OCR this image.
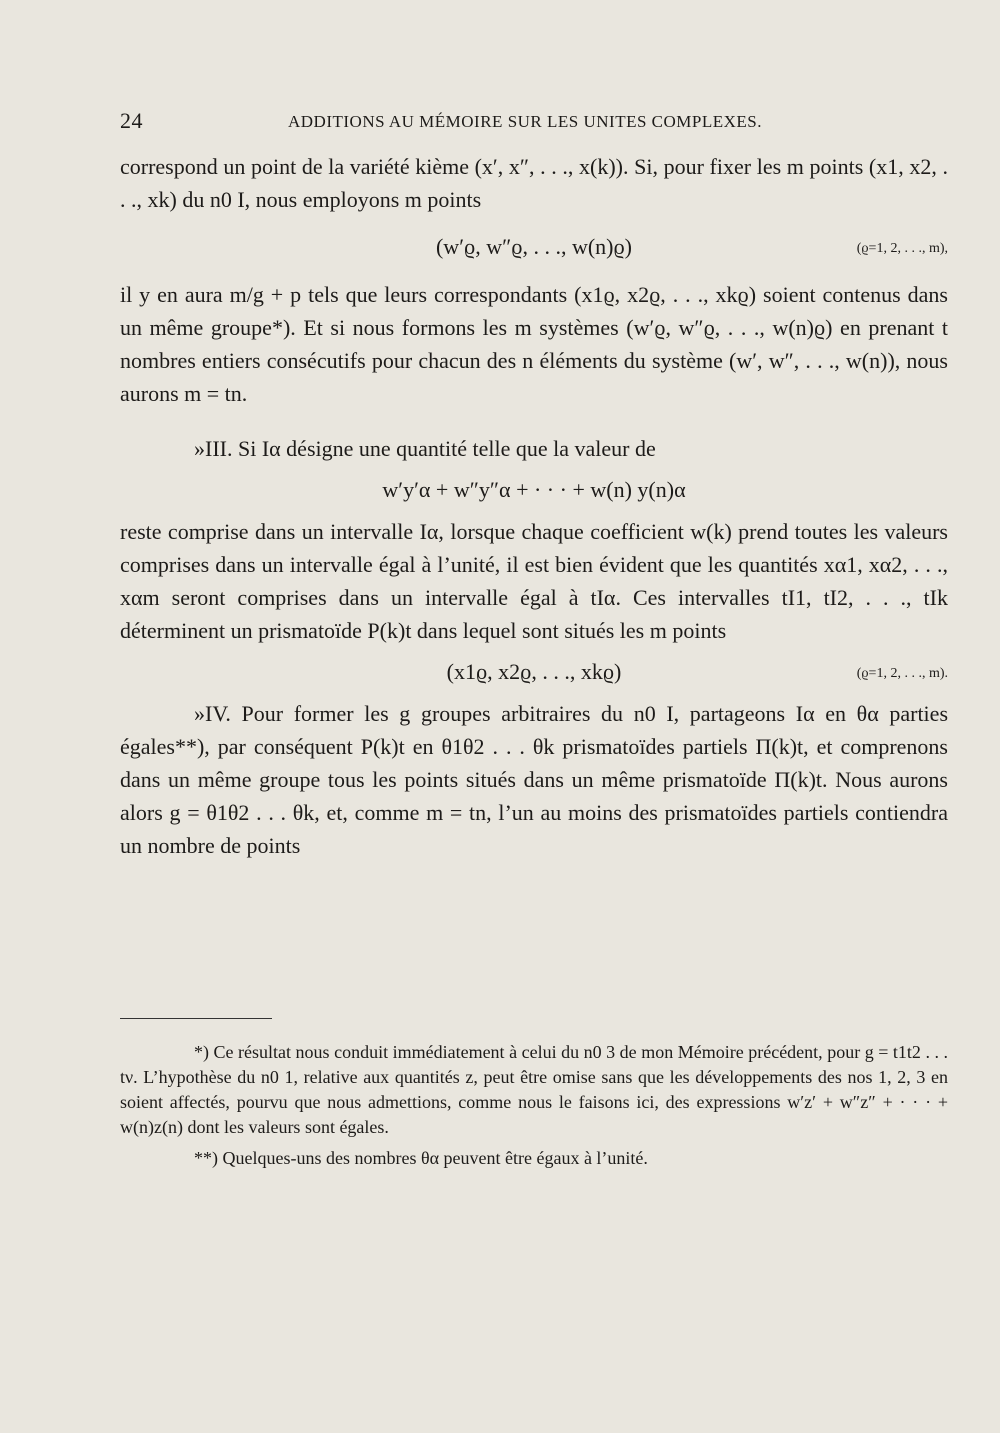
24	ADDITIONS AU MÉMOIRE SUR LES UNITES COMPLEXES.

correspond un point de la variété kième (x′, x″, . . ., x(k)). Si, pour fixer les m points (x1, x2, . . ., xk) du n0 I, nous employons m points

(w′ϱ, w″ϱ, . . ., w(n)ϱ)	(ϱ=1, 2, . . ., m),

il y en aura m/g + p tels que leurs correspondants (x1ϱ, x2ϱ, . . ., xkϱ) soient contenus dans un même groupe*). Et si nous formons les m systèmes (w′ϱ, w″ϱ, . . ., w(n)ϱ) en prenant t nombres entiers consécutifs pour chacun des n éléments du système (w′, w″, . . ., w(n)), nous aurons m = tn.

»III. Si Iα désigne une quantité telle que la valeur de

w′y′α + w″y″α + · · · + w(n) y(n)α

reste comprise dans un intervalle Iα, lorsque chaque coefficient w(k) prend toutes les valeurs comprises dans un intervalle égal à l’unité, il est bien évident que les quantités xα1, xα2, . . ., xαm seront comprises dans un intervalle égal à tIα. Ces intervalles tI1, tI2, . . ., tIk déterminent un prismatoïde P(k)t dans lequel sont situés les m points

(x1ϱ, x2ϱ, . . ., xkϱ)	(ϱ=1, 2, . . ., m).

»IV. Pour former les g groupes arbitraires du n0 I, partageons Iα en θα parties égales**), par conséquent P(k)t en θ1θ2 . . . θk prismatoïdes partiels Π(k)t, et comprenons dans un même groupe tous les points situés dans un même prismatoïde Π(k)t. Nous aurons alors g = θ1θ2 . . . θk, et, comme m = tn, l’un au moins des prismatoïdes partiels contiendra un nombre de points

*) Ce résultat nous conduit immédiatement à celui du n0 3 de mon Mémoire précédent, pour g = t1t2 . . . tν. L’hypothèse du n0 1, relative aux quantités z, peut être omise sans que les développements des nos 1, 2, 3 en soient affectés, pourvu que nous admettions, comme nous le faisons ici, des expressions w′z′ + w″z″ + · · · + w(n)z(n) dont les valeurs sont égales.

**) Quelques-uns des nombres θα peuvent être égaux à l’unité.
